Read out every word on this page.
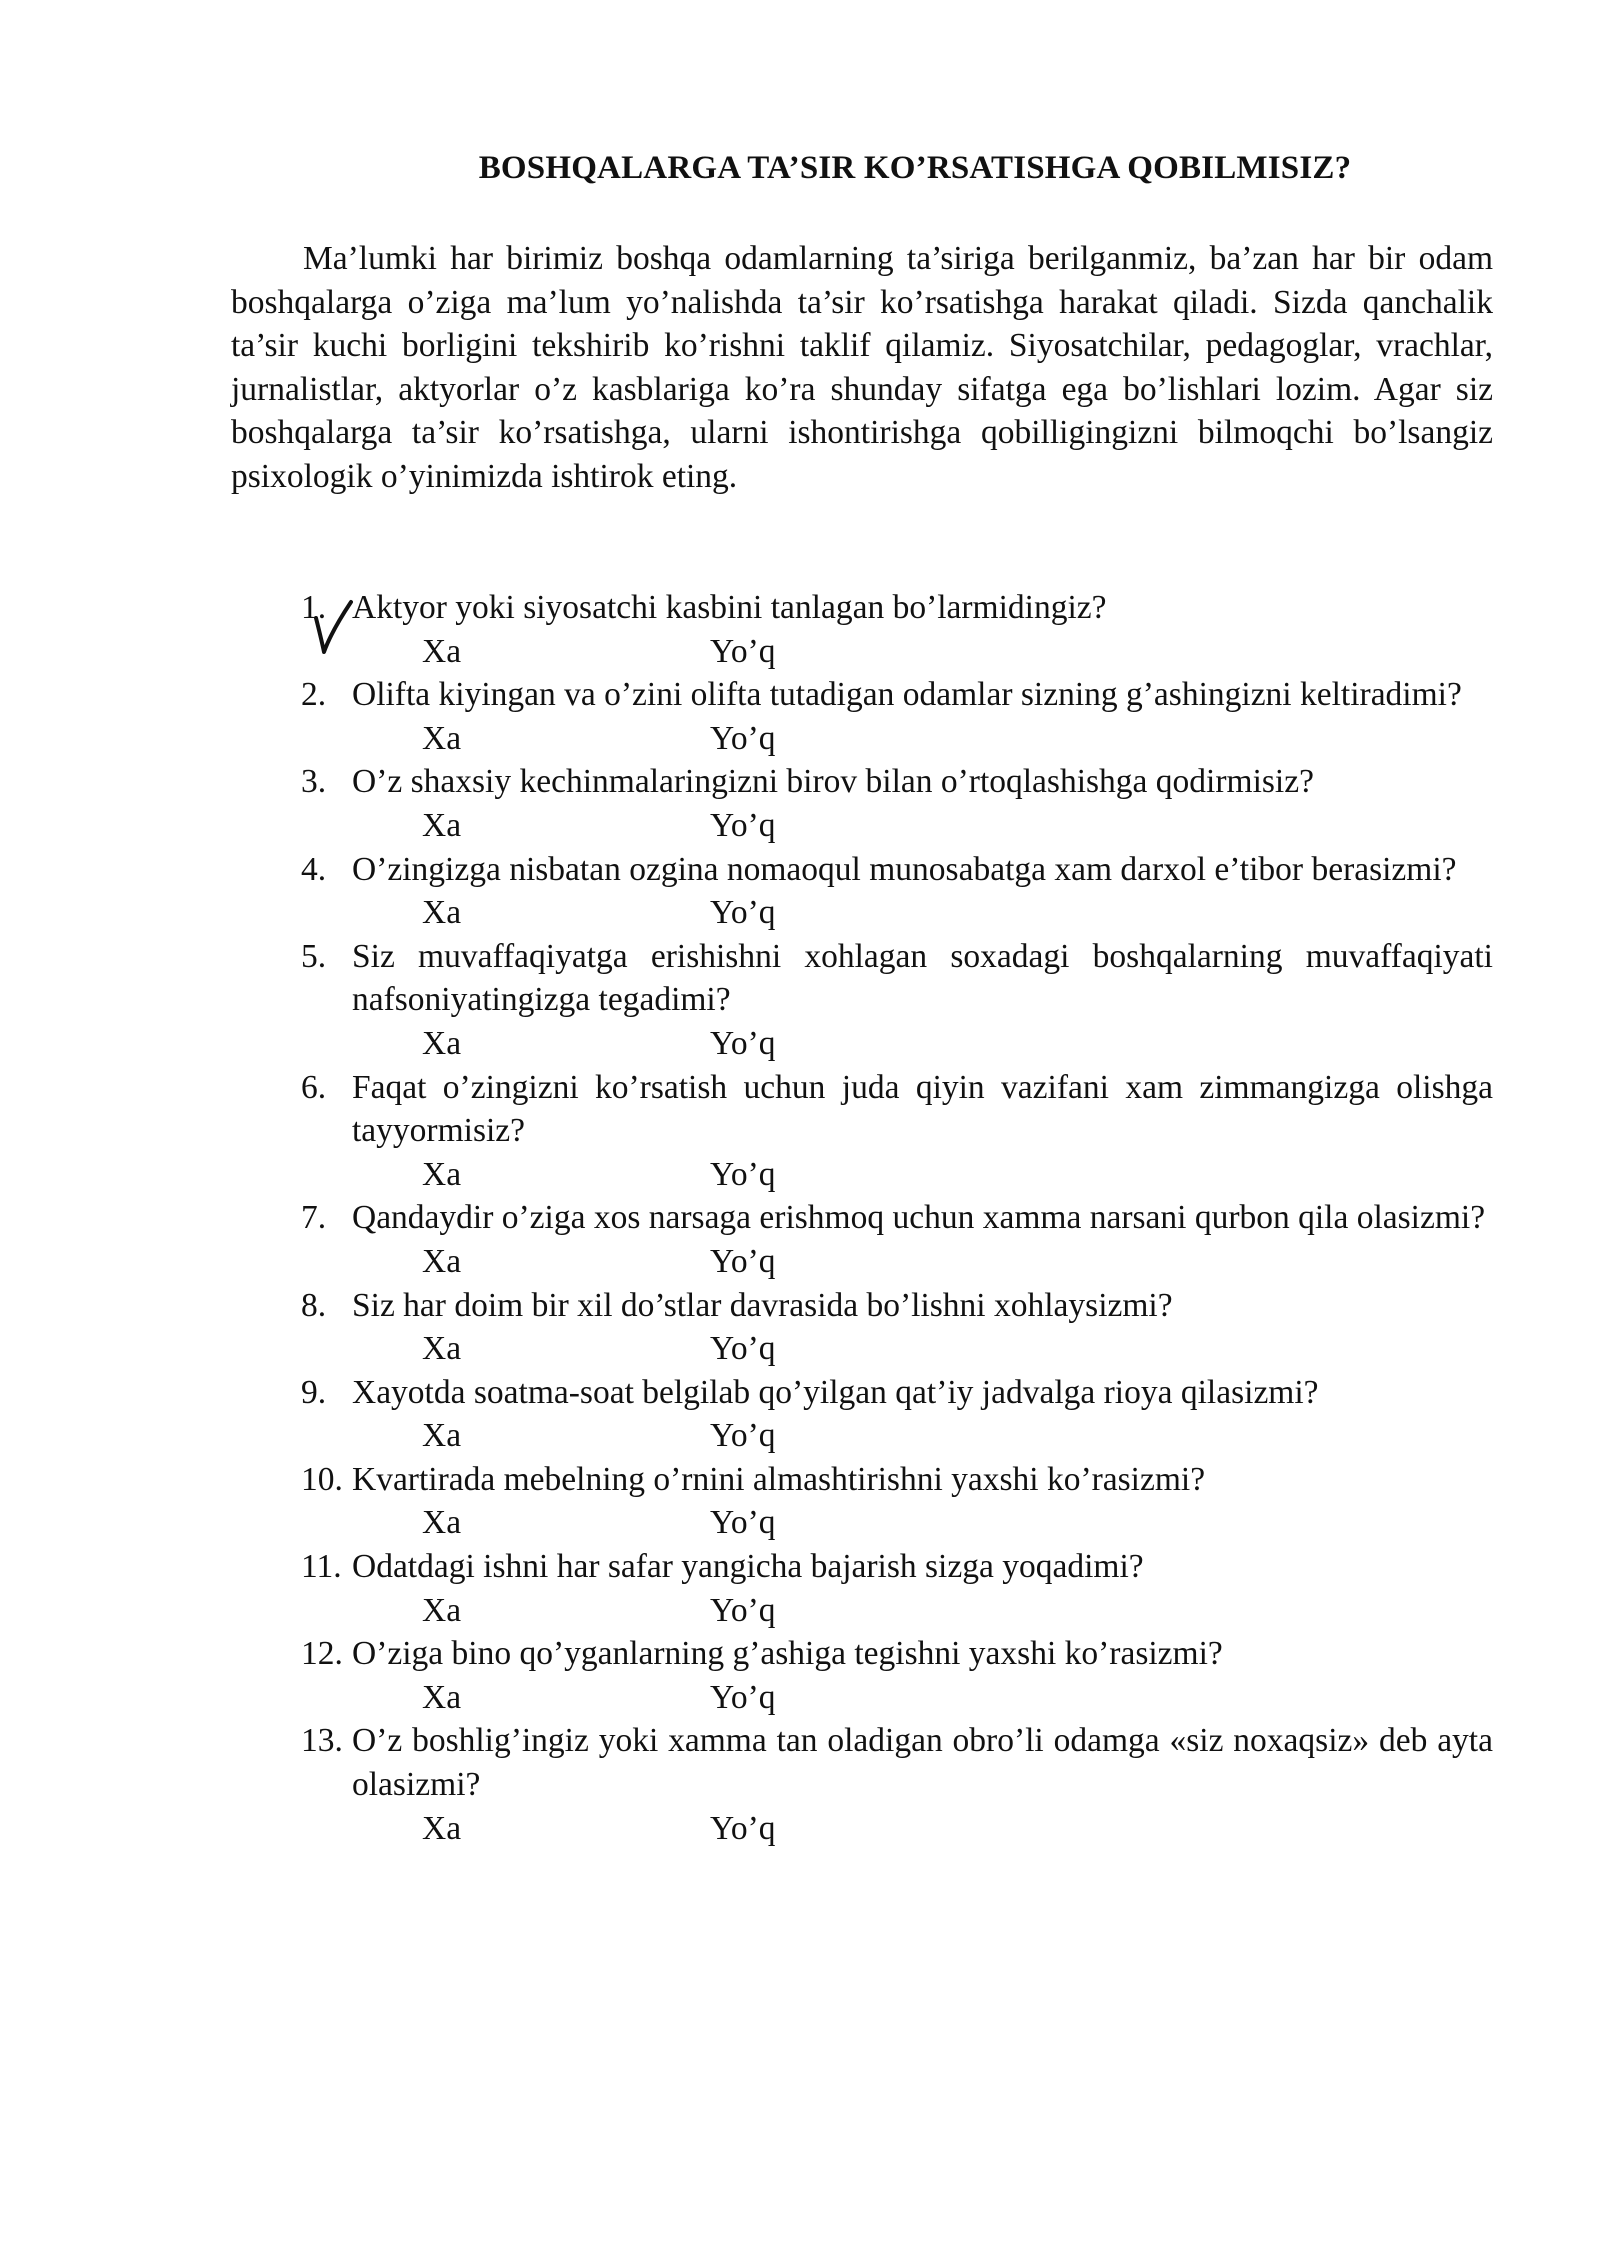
BOSHQALARGA TA’SIR KO’RSATISHGA QOBILMISIZ?

Ma’lumki har birimiz boshqa odamlarning ta’siriga berilganmiz, ba’zan har bir odam boshqalarga o’ziga ma’lum yo’nalishda ta’sir ko’rsatishga harakat qiladi. Sizda qanchalik ta’sir kuchi borligini tekshirib ko’rishni taklif qilamiz. Siyosatchilar, pedagoglar, vrachlar, jurnalistlar, aktyorlar o’z kasblariga ko’ra shunday sifatga ega bo’lishlari lozim. Agar siz boshqalarga ta’sir ko’rsatishga, ularni ishontirishga qobilligingizni bilmoqchi bo’lsangiz psixologik o’yinimizda ishtirok eting.

1. Aktyor yoki siyosatchi kasbini tanlagan bo’larmidingiz?
Xa	Yo’q
2. Olifta kiyingan va o’zini olifta tutadigan odamlar sizning g’ashingizni keltiradimi?
Xa	Yo’q
3. O’z shaxsiy kechinmalaringizni birov bilan o’rtoqlashishga qodirmisiz?
Xa	Yo’q
4. O’zingizga nisbatan ozgina nomaoqul munosabatga xam darxol e’tibor berasizmi?
Xa	Yo’q
5. Siz muvaffaqiyatga erishishni xohlagan soxadagi boshqalarning muvaffaqiyati nafsoniyatingizga tegadimi?
Xa	Yo’q
6. Faqat o’zingizni ko’rsatish uchun juda qiyin vazifani xam zimmangizga olishga tayyormisiz?
Xa	Yo’q
7. Qandaydir o’ziga xos narsaga erishmoq uchun xamma narsani qurbon qila olasizmi?
Xa	Yo’q
8. Siz har doim bir xil do’stlar davrasida bo’lishni xohlaysizmi?
Xa	Yo’q
9. Xayotda soatma-soat belgilab qo’yilgan qat’iy jadvalga rioya qilasizmi?
Xa	Yo’q
10. Kvartirada mebelning o’rnini almashtirishni yaxshi ko’rasizmi?
Xa	Yo’q
11. Odatdagi ishni har safar yangicha bajarish sizga yoqadimi?
Xa	Yo’q
12. O’ziga bino qo’yganlarning g’ashiga tegishni yaxshi ko’rasizmi?
Xa	Yo’q
13. O’z boshlig’ingiz yoki xamma tan oladigan obro’li odamga «siz noxaqsiz» deb ayta olasizmi?
Xa	Yo’q
